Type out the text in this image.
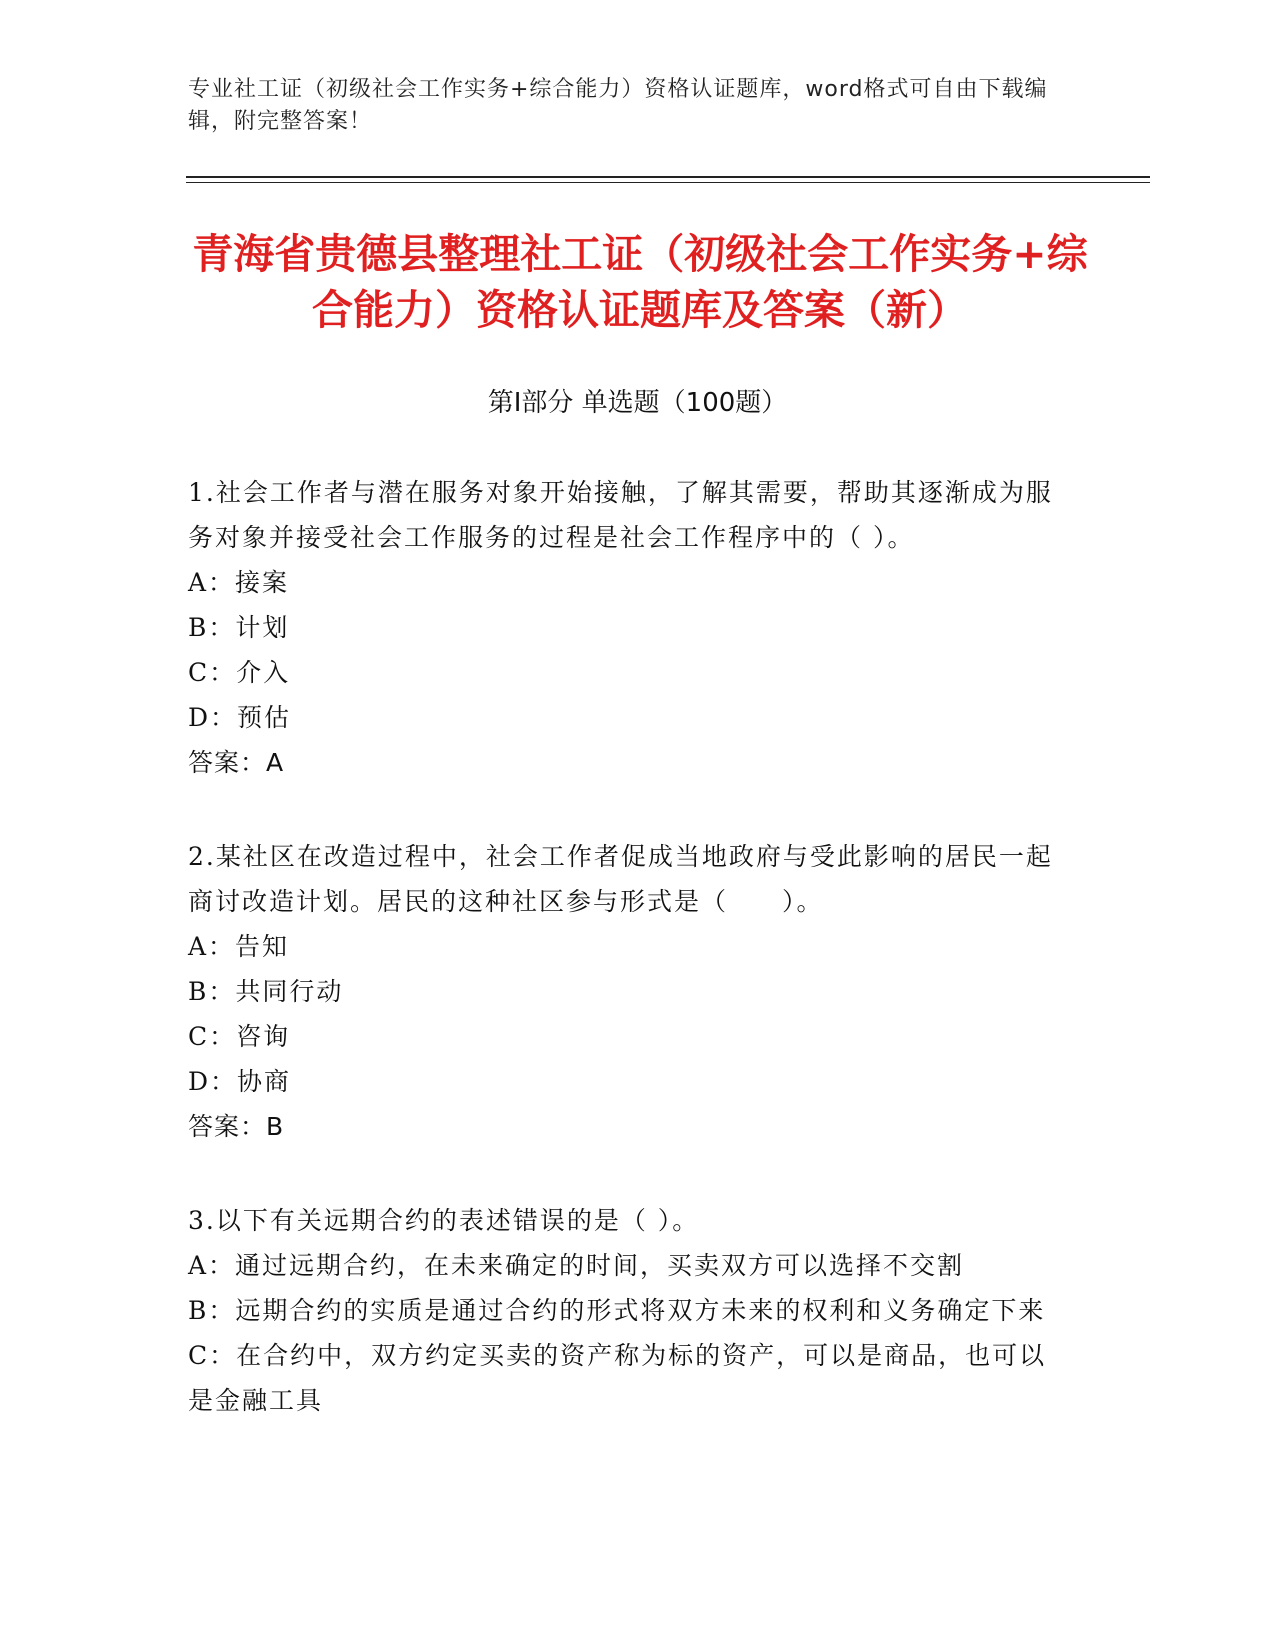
专业社工证（初级社会工作实务+综合能力）资格认证题库，word格式可自由下载编辑，附完整答案！
青海省贵德县整理社工证（初级社会工作实务+综合能力）资格认证题库及答案（新）
第Ⅰ部分 单选题（100题）
1.社会工作者与潜在服务对象开始接触，了解其需要，帮助其逐渐成为服务对象并接受社会工作服务的过程是社会工作程序中的（ ）。
A：接案
B：计划
C：介入
D：预估
答案：A
2.某社区在改造过程中，社会工作者促成当地政府与受此影响的居民一起商讨改造计划。居民的这种社区参与形式是（　　）。
A：告知
B：共同行动
C：咨询
D：协商
答案：B
3.以下有关远期合约的表述错误的是（ ）。
A：通过远期合约，在未来确定的时间，买卖双方可以选择不交割
B：远期合约的实质是通过合约的形式将双方未来的权利和义务确定下来
C：在合约中，双方约定买卖的资产称为标的资产，可以是商品，也可以是金融工具
